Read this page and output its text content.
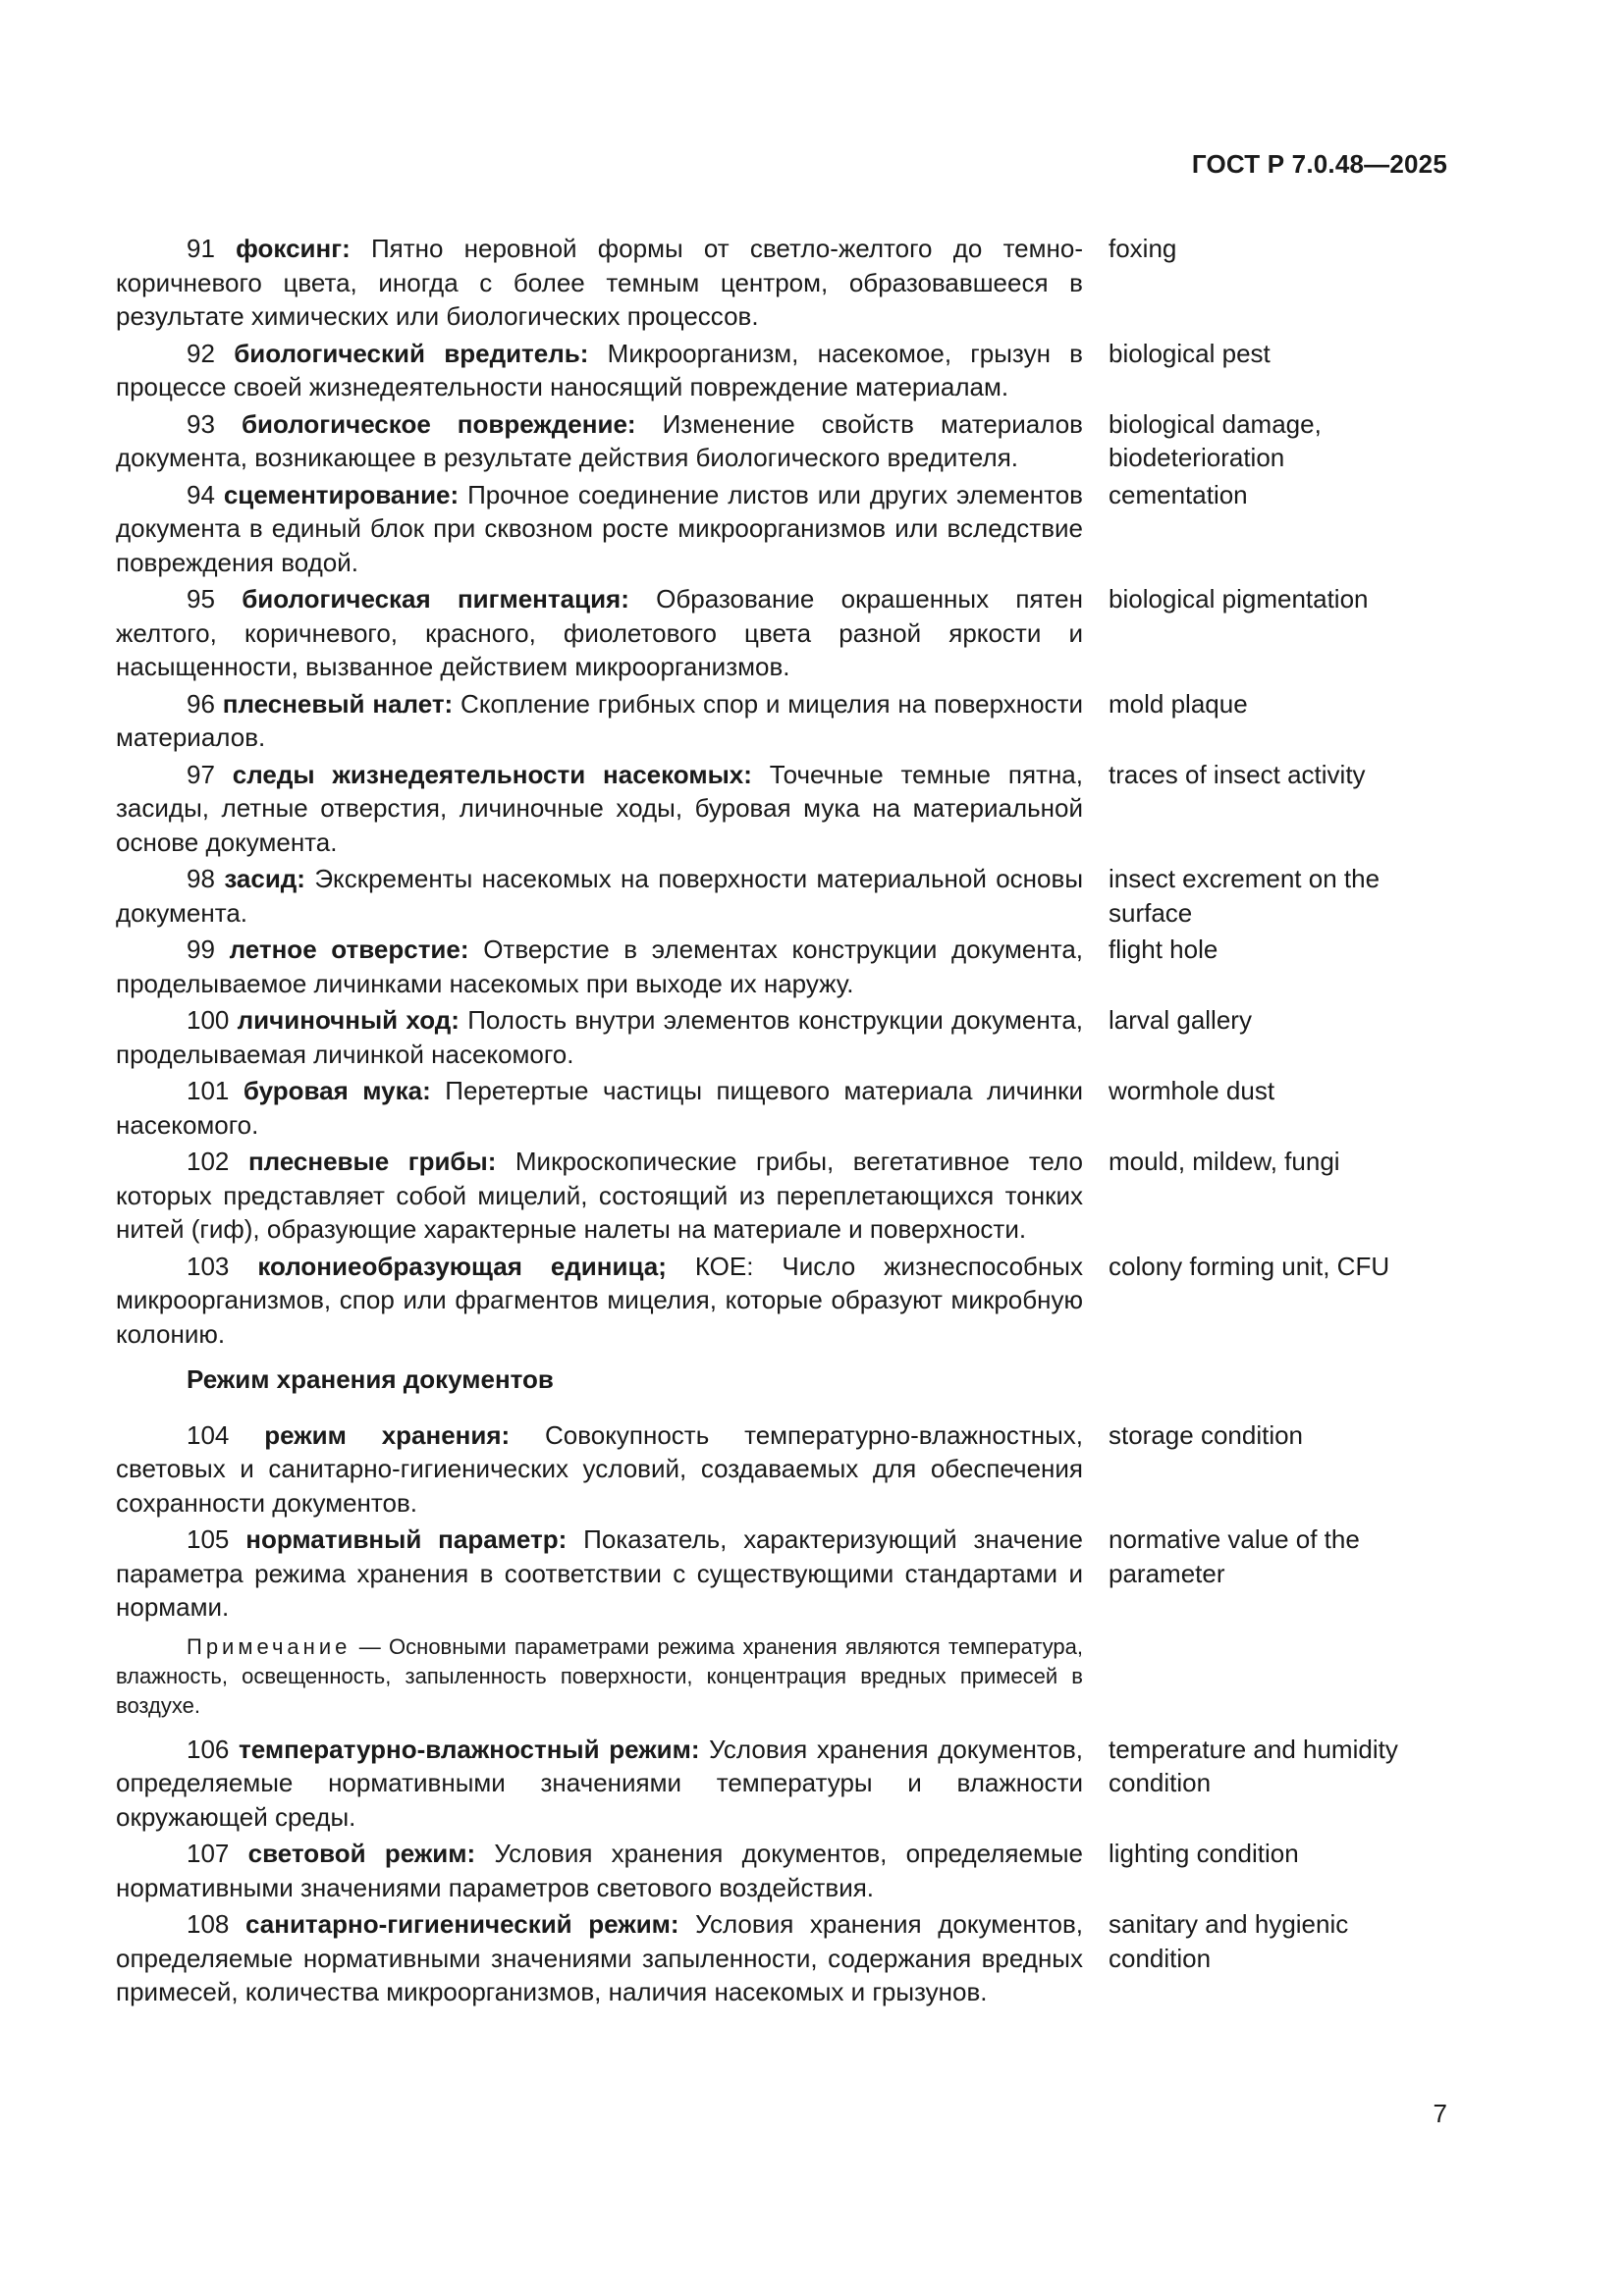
ГОСТ Р 7.0.48—2025
91 фоксинг: Пятно неровной формы от светло-желтого до темно-коричневого цвета, иногда с более темным центром, образовавшееся в результате химических или биологических процессов.
foxing
92 биологический вредитель: Микроорганизм, насекомое, грызун в процессе своей жизнедеятельности наносящий повреждение материалам.
biological pest
93 биологическое повреждение: Изменение свойств материалов документа, возникающее в результате действия биологического вредителя.
biological damage, biodeterioration
94 сцементирование: Прочное соединение листов или других элементов документа в единый блок при сквозном росте микроорганизмов или вследствие повреждения водой.
cementation
95 биологическая пигментация: Образование окрашенных пятен желтого, коричневого, красного, фиолетового цвета разной яркости и насыщенности, вызванное действием микроорганизмов.
biological pigmentation
96 плесневый налет: Скопление грибных спор и мицелия на поверхности материалов.
mold plaque
97 следы жизнедеятельности насекомых: Точечные темные пятна, засиды, летные отверстия, личиночные ходы, буровая мука на материальной основе документа.
traces of insect activity
98 засид: Экскременты насекомых на поверхности материальной основы документа.
insect excrement on the surface
99 летное отверстие: Отверстие в элементах конструкции документа, проделываемое личинками насекомых при выходе их наружу.
flight hole
100 личиночный ход: Полость внутри элементов конструкции документа, проделываемая личинкой насекомого.
larval gallery
101 буровая мука: Перетертые частицы пищевого материала личинки насекомого.
wormhole dust
102 плесневые грибы: Микроскопические грибы, вегетативное тело которых представляет собой мицелий, состоящий из переплетающихся тонких нитей (гиф), образующие характерные налеты на материале и поверхности.
mould, mildew, fungi
103 колониеобразующая единица; КОЕ: Число жизнеспособных микроорганизмов, спор или фрагментов мицелия, которые образуют микробную колонию.
colony forming unit, CFU
Режим хранения документов
104 режим хранения: Совокупность температурно-влажностных, световых и санитарно-гигиенических условий, создаваемых для обеспечения сохранности документов.
storage condition
105 нормативный параметр: Показатель, характеризующий значение параметра режима хранения в соответствии с существующими стандартами и нормами.
normative value of the parameter
Примечание — Основными параметрами режима хранения являются температура, влажность, освещенность, запыленность поверхности, концентрация вредных примесей в воздухе.
106 температурно-влажностный режим: Условия хранения документов, определяемые нормативными значениями температуры и влажности окружающей среды.
temperature and humidity condition
107 световой режим: Условия хранения документов, определяемые нормативными значениями параметров светового воздействия.
lighting condition
108 санитарно-гигиенический режим: Условия хранения документов, определяемые нормативными значениями запыленности, содержания вредных примесей, количества микроорганизмов, наличия насекомых и грызунов.
sanitary and hygienic condition
7
